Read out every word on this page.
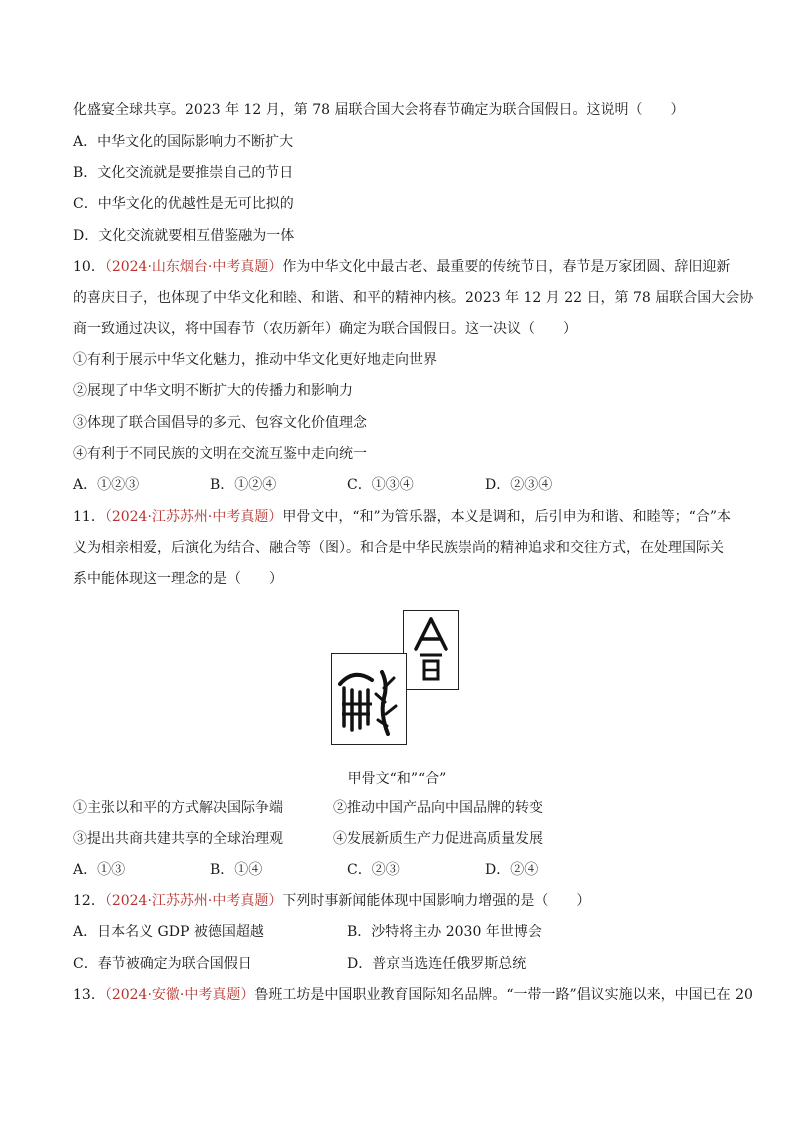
化盛宴全球共享。2023 年 12 月，第 78 届联合国大会将春节确定为联合国假日。这说明（　　）
A．中华文化的国际影响力不断扩大
B．文化交流就是要推崇自己的节日
C．中华文化的优越性是无可比拟的
D．文化交流就要相互借鉴融为一体
10．（2024·山东烟台·中考真题）作为中华文化中最古老、最重要的传统节日，春节是万家团圆、辞旧迎新
的喜庆日子，也体现了中华文化和睦、和谐、和平的精神内核。2023 年 12 月 22 日，第 78 届联合国大会协
商一致通过决议，将中国春节（农历新年）确定为联合国假日。这一决议（　　）
①有利于展示中华文化魅力，推动中华文化更好地走向世界
②展现了中华文明不断扩大的传播力和影响力
③体现了联合国倡导的多元、包容文化价值理念
④有利于不同民族的文明在交流互鉴中走向统一
A．①②③	B．①②④	C．①③④	D．②③④
11．（2024·江苏苏州·中考真题）甲骨文中，“和”为管乐器，本义是调和，后引申为和谐、和睦等；“合”本
义为相亲相爱，后演化为结合、融合等（图）。和合是中华民族崇尚的精神追求和交往方式，在处理国际关
系中能体现这一理念的是（　　）
甲骨文“和”“合”
①主张以和平的方式解决国际争端	②推动中国产品向中国品牌的转变
③提出共商共建共享的全球治理观	④发展新质生产力促进高质量发展
A．①③	B．①④	C．②③	D．②④
12．（2024·江苏苏州·中考真题）下列时事新闻能体现中国影响力增强的是（　　）
A．日本名义 GDP 被德国超越	B．沙特将主办 2030 年世博会
C．春节被确定为联合国假日	D．普京当选连任俄罗斯总统
13．（2024·安徽·中考真题）鲁班工坊是中国职业教育国际知名品牌。“一带一路”倡议实施以来，中国已在 20
